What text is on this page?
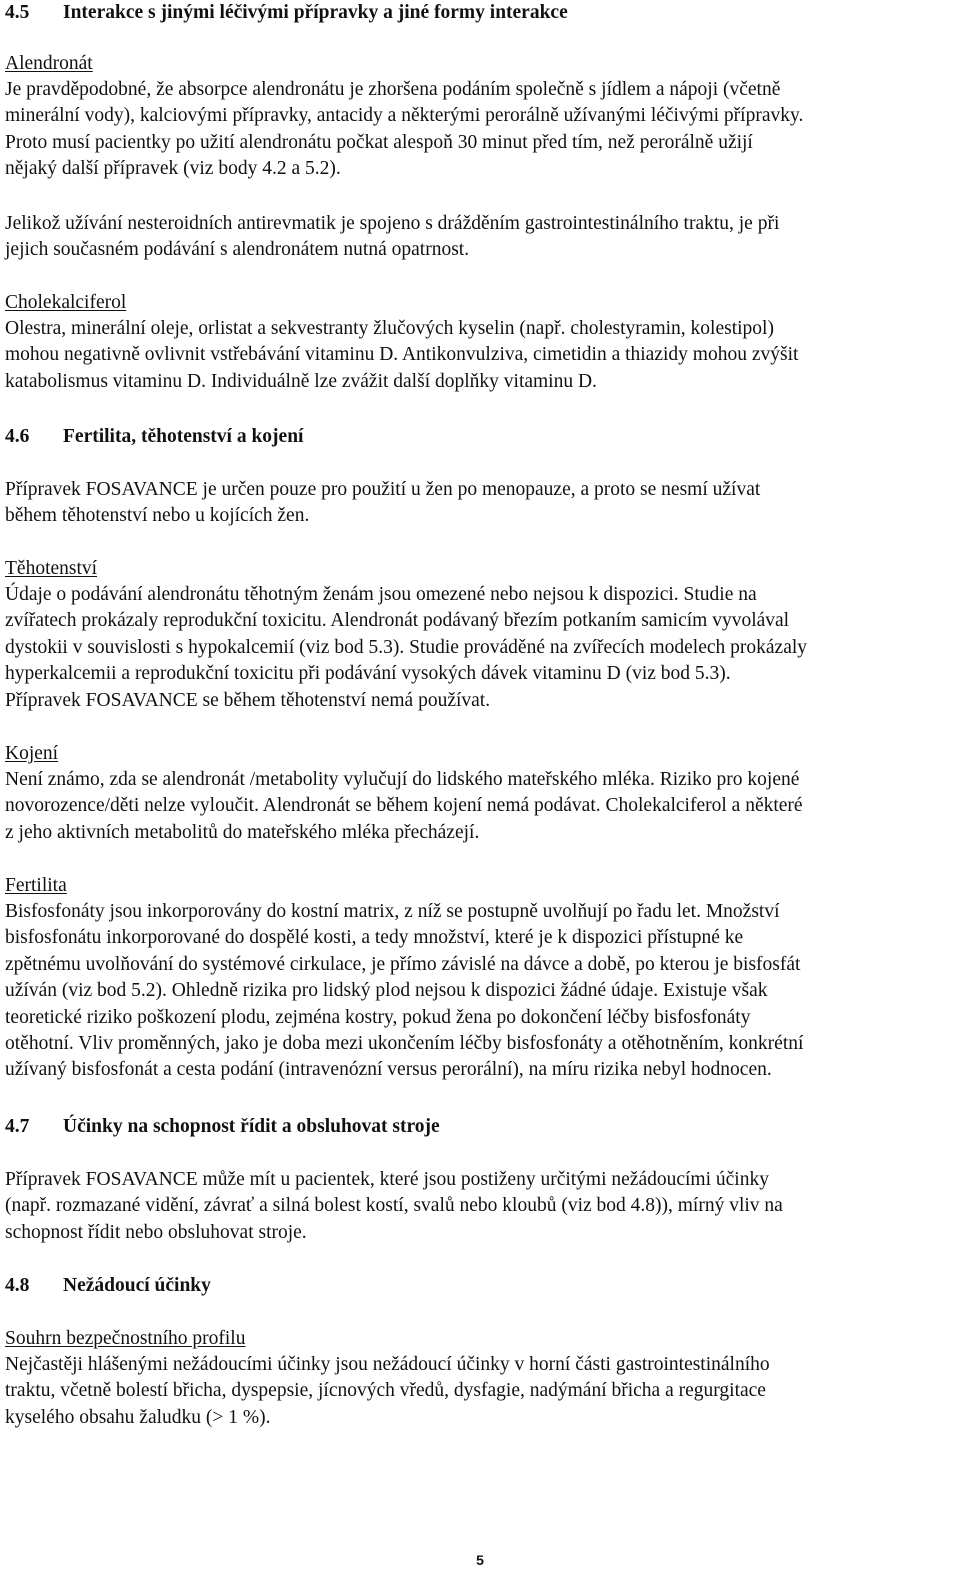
4.5 Interakce s jinými léčivými přípravky a jiné formy interakce
Alendronát
Je pravděpodobné, že absorpce alendronátu je zhoršena podáním společně s jídlem a nápoji (včetně
minerální vody), kalciovými přípravky, antacidy a některými perorálně užívanými léčivými přípravky.
Proto musí pacientky po užití alendronátu počkat alespoň 30 minut před tím, než perorálně užijí
nějaký další přípravek (viz body 4.2 a 5.2).
Jelikož užívání nesteroidních antirevmatik je spojeno s drážděním gastrointestinálního traktu, je při
jejich současném podávání s alendronátem nutná opatrnost.
Cholekalciferol
Olestra, minerální oleje, orlistat a sekvestranty žlučových kyselin (např. cholestyramin, kolestipol)
mohou negativně ovlivnit vstřebávání vitaminu D. Antikonvulziva, cimetidin a thiazidy mohou zvýšit
katabolismus vitaminu D. Individuálně lze zvážit další doplňky vitaminu D.
4.6 Fertilita, těhotenství a kojení
Přípravek FOSAVANCE je určen pouze pro použití u žen po menopauze, a proto se nesmí užívat
během těhotenství nebo u kojících žen.
Těhotenství
Údaje o podávání alendronátu těhotným ženám jsou omezené nebo nejsou k dispozici. Studie na
zvířatech prokázaly reprodukční toxicitu. Alendronát podávaný březím potkaním samicím vyvolával
dystokii v souvislosti s hypokalcemií (viz bod 5.3). Studie prováděné na zvířecích modelech prokázaly
hyperkalcemii a reprodukční toxicitu při podávání vysokých dávek vitaminu D (viz bod 5.3).
Přípravek FOSAVANCE se během těhotenství nemá používat.
Kojení
Není známo, zda se alendronát /metabolity vylučují do lidského mateřského mléka. Riziko pro kojené
novorozence/děti nelze vyloučit. Alendronát se během kojení nemá podávat. Cholekalciferol a některé
z jeho aktivních metabolitů do mateřského mléka přecházejí.
Fertilita
Bisfosfonáty jsou inkorporovány do kostní matrix, z níž se postupně uvolňují po řadu let. Množství
bisfosfonátu inkorporované do dospělé kosti, a tedy množství, které je k dispozici přístupné ke
zpětnému uvolňování do systémové cirkulace, je přímo závislé na dávce a době, po kterou je bisfosfát
užíván (viz bod 5.2). Ohledně rizika pro lidský plod nejsou k dispozici žádné údaje. Existuje však
teoretické riziko poškození plodu, zejména kostry, pokud žena po dokončení léčby bisfosfonáty
otěhotní. Vliv proměnných, jako je doba mezi ukončením léčby bisfosfonáty a otěhotněním, konkrétní
užívaný bisfosfonát a cesta podání (intravenózní versus perorální), na míru rizika nebyl hodnocen.
4.7 Účinky na schopnost řídit a obsluhovat stroje
Přípravek FOSAVANCE může mít u pacientek, které jsou postiženy určitými nežádoucími účinky
(např. rozmazané vidění, závrať a silná bolest kostí, svalů nebo kloubů (viz bod 4.8)), mírný vliv na
schopnost řídit nebo obsluhovat stroje.
4.8 Nežádoucí účinky
Souhrn bezpečnostního profilu
Nejčastěji hlášenými nežádoucími účinky jsou nežádoucí účinky v horní části gastrointestinálního
traktu, včetně bolestí břicha, dyspepsie, jícnových vředů, dysfagie, nadýmání břicha a regurgitace
kyselého obsahu žaludku (> 1 %).
5
